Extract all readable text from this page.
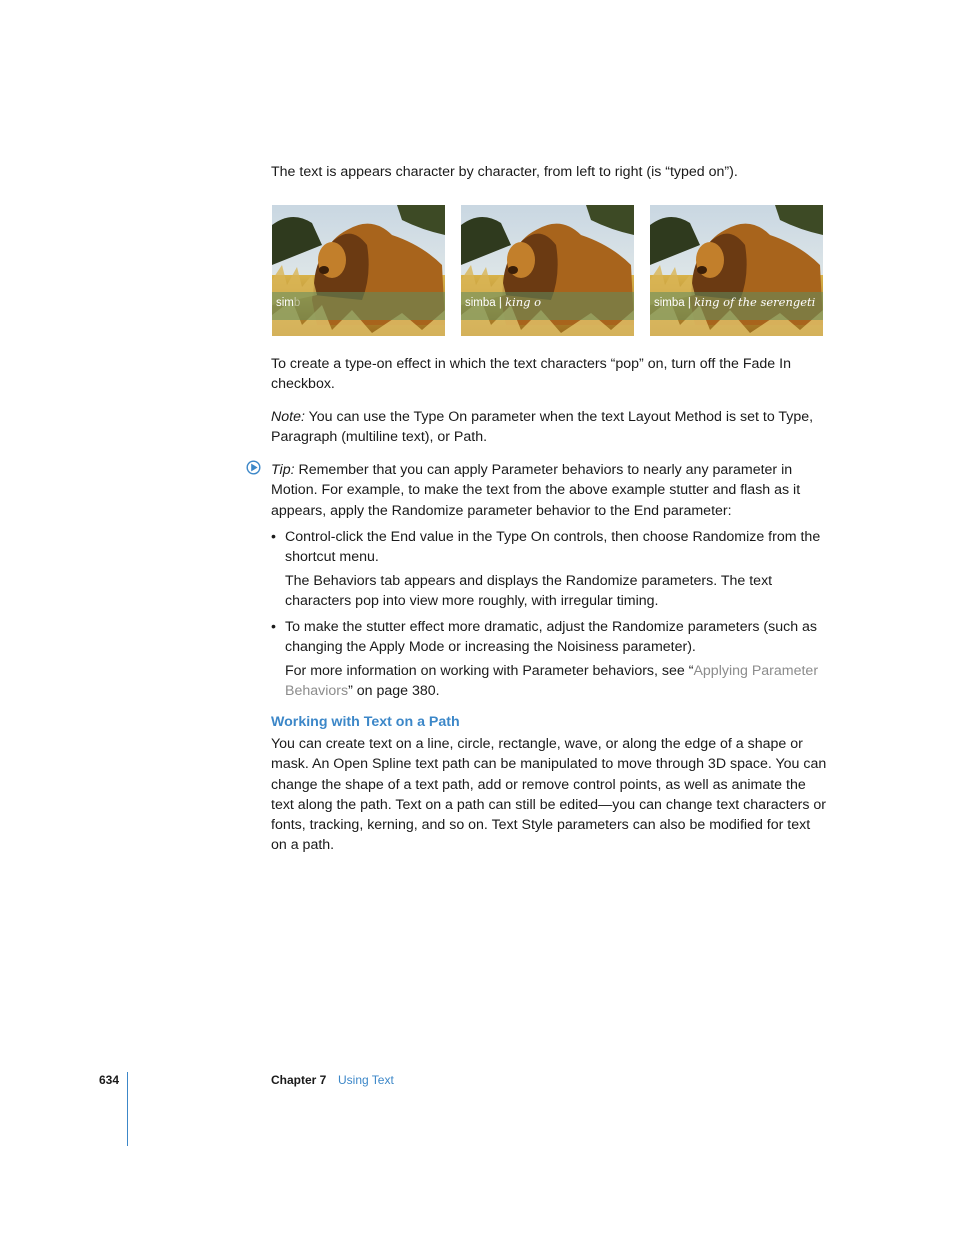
The text is appears character by character, from left to right (is “typed on”).

simb	simba | king o	simba | king of the serengeti

To create a type-on effect in which the text characters “pop” on, turn off the Fade In checkbox.

Note: You can use the Type On parameter when the text Layout Method is set to Type, Paragraph (multiline text), or Path.

Tip: Remember that you can apply Parameter behaviors to nearly any parameter in Motion. For example, to make the text from the above example stutter and flash as it appears, apply the Randomize parameter behavior to the End parameter:

• Control-click the End value in the Type On controls, then choose Randomize from the shortcut menu.

The Behaviors tab appears and displays the Randomize parameters. The text characters pop into view more roughly, with irregular timing.

• To make the stutter effect more dramatic, adjust the Randomize parameters (such as changing the Apply Mode or increasing the Noisiness parameter).

For more information on working with Parameter behaviors, see “Applying Parameter Behaviors” on page 380.

Working with Text on a Path

You can create text on a line, circle, rectangle, wave, or along the edge of a shape or mask. An Open Spline text path can be manipulated to move through 3D space. You can change the shape of a text path, add or remove control points, as well as animate the text along the path. Text on a path can still be edited—you can change text characters or fonts, tracking, kerning, and so on. Text Style parameters can also be modified for text on a path.

634	Chapter 7 Using Text
